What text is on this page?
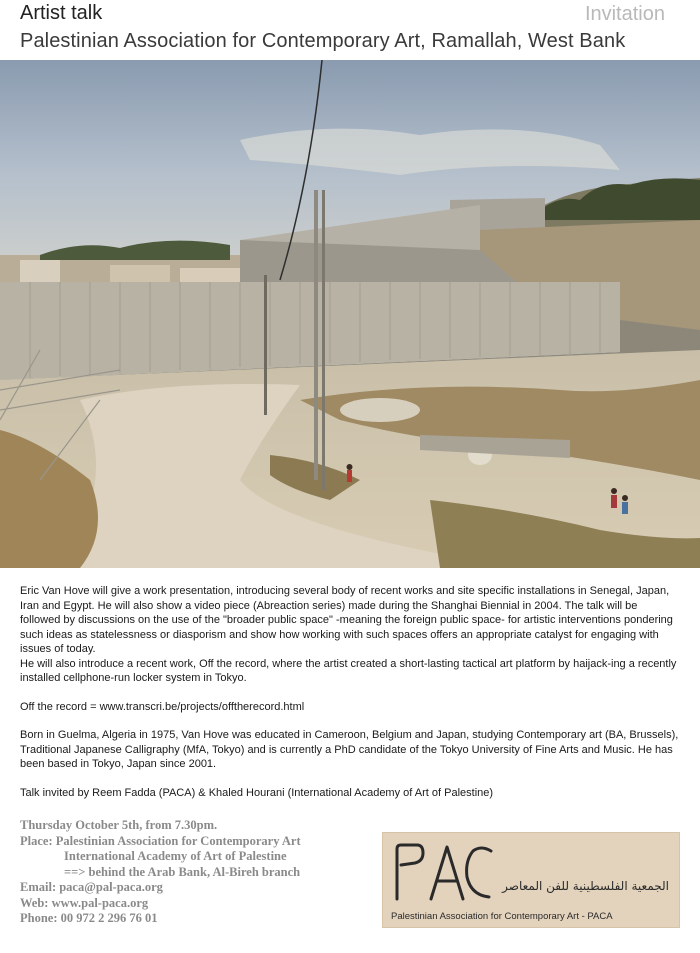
Artist talk	Invitation
Palestinian Association for Contemporary Art, Ramallah, West Bank

Eric Van Hove will give a work presentation, introducing several body of recent works and site specific installations in Senegal, Japan, Iran and Egypt. He will also show a video piece (Abreaction series) made during the Shanghai Biennial in 2004. The talk will be followed by discussions on the use of the "broader public space" -meaning the foreign public space- for artistic interventions pondering such ideas as statelessness or diasporism and show how working with such spaces offers an appropriate catalyst for engaging with issues of today.

He will also introduce a recent work, Off the record, where the artist created a short-lasting tactical art platform by haijack-ing a recently installed cellphone-run locker system in Tokyo.

Off the record = www.transcri.be/projects/offtherecord.html

Born in Guelma, Algeria in 1975, Van Hove was educated in Cameroon, Belgium and Japan, studying Contemporary art (BA, Brussels), Traditional Japanese Calligraphy (MfA, Tokyo) and is currently a PhD candidate of the Tokyo University of Fine Arts and Music. He has been based in Tokyo, Japan since 2001.

Talk invited by Reem Fadda (PACA) & Khaled Hourani (International Academy of Art of Palestine)

Thursday October 5th, from 7.30pm.
Place: Palestinian Association for Contemporary Art
International Academy of Art of Palestine
==> behind the Arab Bank, Al-Bireh branch
Email: paca@pal-paca.org
Web: www.pal-paca.org
Phone: 00 972 2 296 76 01
الجمعية الفلسطينية للفن المعاصر
Palestinian Association for Contemporary Art - PACA
